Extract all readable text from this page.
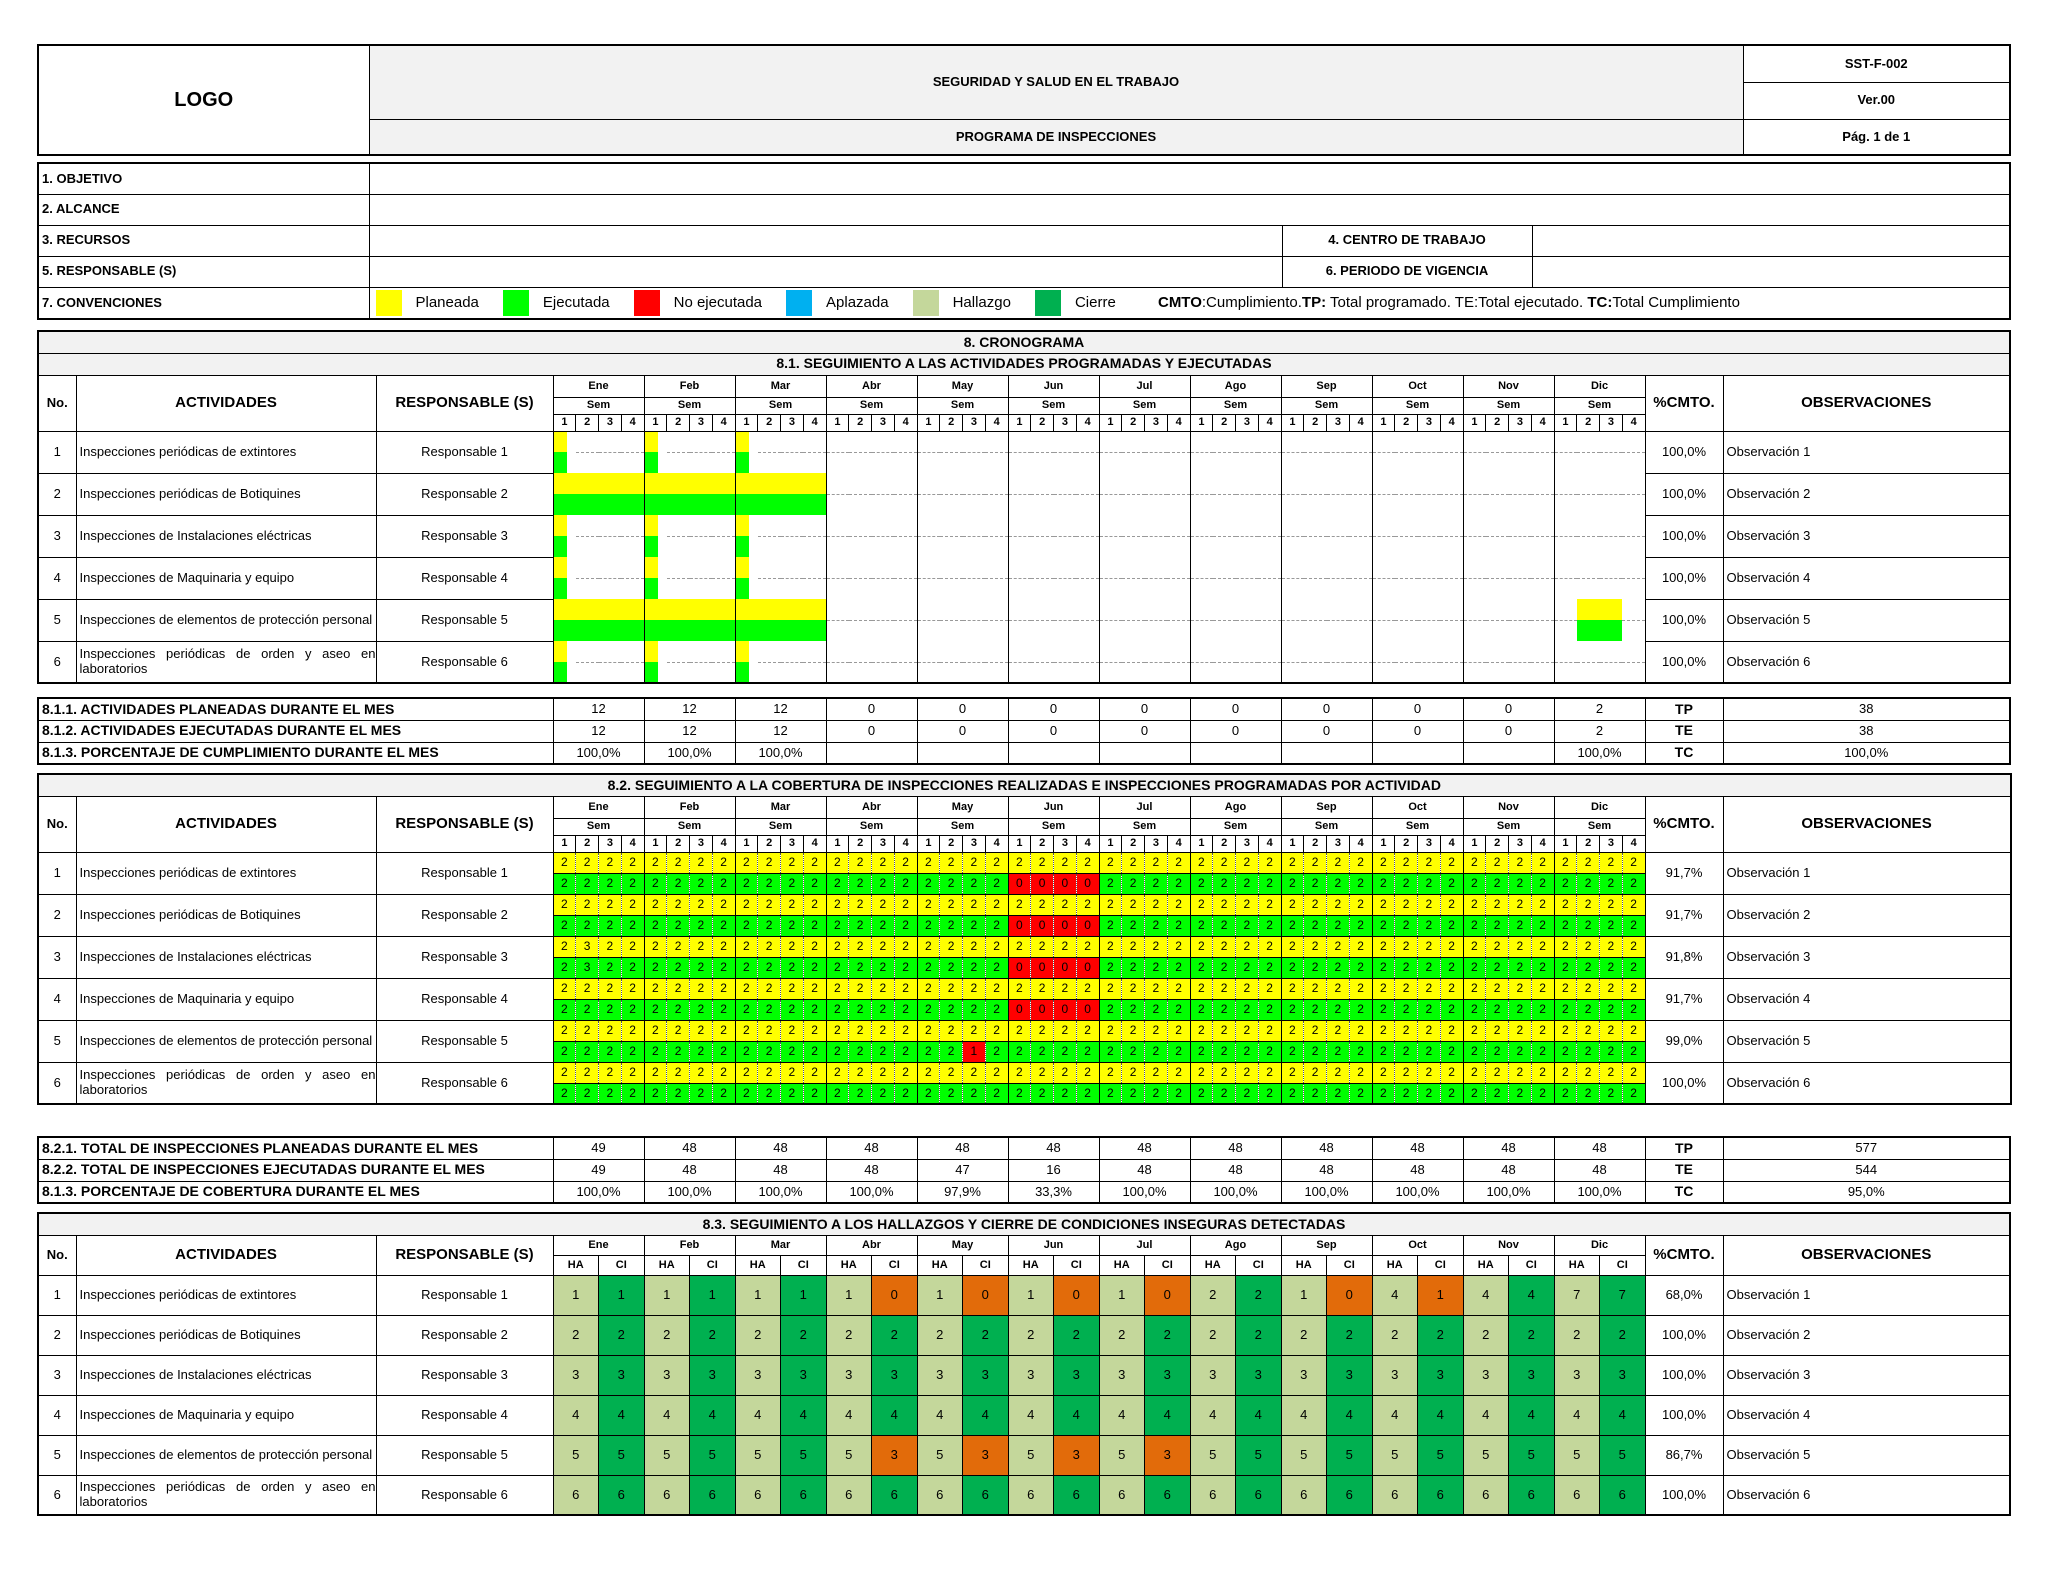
LOGO	SEGURIDAD Y SALUD EN EL TRABAJO	SST-F-002
		Ver.00
	PROGRAMA DE INSPECCIONES	Pág. 1 de 1
1. OBJETIVO			
2. ALCANCE			
3. RECURSOS		4. CENTRO DE TRABAJO	
5. RESPONSABLE (S)		6. PERIODO DE VIGENCIA	
7. CONVENCIONES	Planeada Ejecutada No ejecutada Aplazada Hallazgo Cierre CMTO:Cumplimiento.TP: Total programado. TE:Total ejecutado. TC:Total Cumplimiento		
8. CRONOGRAMA																																																				
8.1. SEGUIMIENTO A LAS ACTIVIDADES PROGRAMADAS Y EJECUTADAS																																																				
No.	ACTIVIDADES	RESPONSABLE (S)	Ene				Feb				Mar				Abr				May				Jun				Jul				Ago				Sep				Oct				Nov				Dic				%CMTO.	OBSERVACIONES
			Sem				Sem				Sem				Sem				Sem				Sem				Sem				Sem				Sem				Sem				Sem				Sem					
			1	2	3	4	1	2	3	4	1	2	3	4	1	2	3	4	1	2	3	4	1	2	3	4	1	2	3	4	1	2	3	4	1	2	3	4	1	2	3	4	1	2	3	4	1	2	3	4		
1	Inspecciones periódicas de extintores	Responsable 1																																																	100,0%	Observación 1
2	Inspecciones periódicas de Botiquines	Responsable 2																																																	100,0%	Observación 2
3	Inspecciones de Instalaciones eléctricas	Responsable 3																																																	100,0%	Observación 3
4	Inspecciones de Maquinaria y equipo	Responsable 4																																																	100,0%	Observación 4
5	Inspecciones de elementos de protección personal	Responsable 5																																																	100,0%	Observación 5
6	Inspecciones periódicas de orden y aseo en laboratorios	Responsable 6																																																	100,0%	Observación 6
8.1.1. ACTIVIDADES PLANEADAS DURANTE EL MES	12	12	12	0	0	0	0	0	0	0	0	2	TP	38
8.1.2. ACTIVIDADES EJECUTADAS DURANTE EL MES	12	12	12	0	0	0	0	0	0	0	0	2	TE	38
8.1.3. PORCENTAJE DE CUMPLIMIENTO DURANTE EL MES	100,0%	100,0%	100,0%									100,0%	TC	100,0%
8.2. SEGUIMIENTO A LA COBERTURA DE INSPECCIONES REALIZADAS E INSPECCIONES PROGRAMADAS POR ACTIVIDAD																																																				
No.	ACTIVIDADES	RESPONSABLE (S)	Ene				Feb				Mar				Abr				May				Jun				Jul				Ago				Sep				Oct				Nov				Dic				%CMTO.	OBSERVACIONES
			Sem				Sem				Sem				Sem				Sem				Sem				Sem				Sem				Sem				Sem				Sem				Sem					
			1	2	3	4	1	2	3	4	1	2	3	4	1	2	3	4	1	2	3	4	1	2	3	4	1	2	3	4	1	2	3	4	1	2	3	4	1	2	3	4	1	2	3	4	1	2	3	4		
1	Inspecciones periódicas de extintores	Responsable 1	2	2	2	2	2	2	2	2	2	2	2	2	2	2	2	2	2	2	2	2	2	2	2	2	2	2	2	2	2	2	2	2	2	2	2	2	2	2	2	2	2	2	2	2	2	2	2	2	91,7%	Observación 1
			2	2	2	2	2	2	2	2	2	2	2	2	2	2	2	2	2	2	2	2	0	0	0	0	2	2	2	2	2	2	2	2	2	2	2	2	2	2	2	2	2	2	2	2	2	2	2	2		
2	Inspecciones periódicas de Botiquines	Responsable 2	2	2	2	2	2	2	2	2	2	2	2	2	2	2	2	2	2	2	2	2	2	2	2	2	2	2	2	2	2	2	2	2	2	2	2	2	2	2	2	2	2	2	2	2	2	2	2	2	91,7%	Observación 2
			2	2	2	2	2	2	2	2	2	2	2	2	2	2	2	2	2	2	2	2	0	0	0	0	2	2	2	2	2	2	2	2	2	2	2	2	2	2	2	2	2	2	2	2	2	2	2	2		
3	Inspecciones de Instalaciones eléctricas	Responsable 3	2	3	2	2	2	2	2	2	2	2	2	2	2	2	2	2	2	2	2	2	2	2	2	2	2	2	2	2	2	2	2	2	2	2	2	2	2	2	2	2	2	2	2	2	2	2	2	2	91,8%	Observación 3
			2	3	2	2	2	2	2	2	2	2	2	2	2	2	2	2	2	2	2	2	0	0	0	0	2	2	2	2	2	2	2	2	2	2	2	2	2	2	2	2	2	2	2	2	2	2	2	2		
4	Inspecciones de Maquinaria y equipo	Responsable 4	2	2	2	2	2	2	2	2	2	2	2	2	2	2	2	2	2	2	2	2	2	2	2	2	2	2	2	2	2	2	2	2	2	2	2	2	2	2	2	2	2	2	2	2	2	2	2	2	91,7%	Observación 4
			2	2	2	2	2	2	2	2	2	2	2	2	2	2	2	2	2	2	2	2	0	0	0	0	2	2	2	2	2	2	2	2	2	2	2	2	2	2	2	2	2	2	2	2	2	2	2	2		
5	Inspecciones de elementos de protección personal	Responsable 5	2	2	2	2	2	2	2	2	2	2	2	2	2	2	2	2	2	2	2	2	2	2	2	2	2	2	2	2	2	2	2	2	2	2	2	2	2	2	2	2	2	2	2	2	2	2	2	2	99,0%	Observación 5
			2	2	2	2	2	2	2	2	2	2	2	2	2	2	2	2	2	2	1	2	2	2	2	2	2	2	2	2	2	2	2	2	2	2	2	2	2	2	2	2	2	2	2	2	2	2	2	2		
6	Inspecciones periódicas de orden y aseo en laboratorios	Responsable 6	2	2	2	2	2	2	2	2	2	2	2	2	2	2	2	2	2	2	2	2	2	2	2	2	2	2	2	2	2	2	2	2	2	2	2	2	2	2	2	2	2	2	2	2	2	2	2	2	100,0%	Observación 6
			2	2	2	2	2	2	2	2	2	2	2	2	2	2	2	2	2	2	2	2	2	2	2	2	2	2	2	2	2	2	2	2	2	2	2	2	2	2	2	2	2	2	2	2	2	2	2	2		
8.2.1. TOTAL DE INSPECCIONES PLANEADAS DURANTE EL MES	49	48	48	48	48	48	48	48	48	48	48	48	TP	577
8.2.2. TOTAL DE INSPECCIONES EJECUTADAS DURANTE EL MES	49	48	48	48	47	16	48	48	48	48	48	48	TE	544
8.1.3. PORCENTAJE DE COBERTURA DURANTE EL MES	100,0%	100,0%	100,0%	100,0%	97,9%	33,3%	100,0%	100,0%	100,0%	100,0%	100,0%	100,0%	TC	95,0%
8.3. SEGUIMIENTO A LOS HALLAZGOS Y CIERRE DE CONDICIONES INSEGURAS DETECTADAS																												
No.	ACTIVIDADES	RESPONSABLE (S)	Ene		Feb		Mar		Abr		May		Jun		Jul		Ago		Sep		Oct		Nov		Dic		%CMTO.	OBSERVACIONES
			HA	CI	HA	CI	HA	CI	HA	CI	HA	CI	HA	CI	HA	CI	HA	CI	HA	CI	HA	CI	HA	CI	HA	CI		
1	Inspecciones periódicas de extintores	Responsable 1	1	1	1	1	1	1	1	0	1	0	1	0	1	0	2	2	1	0	4	1	4	4	7	7	68,0%	Observación 1
2	Inspecciones periódicas de Botiquines	Responsable 2	2	2	2	2	2	2	2	2	2	2	2	2	2	2	2	2	2	2	2	2	2	2	2	2	100,0%	Observación 2
3	Inspecciones de Instalaciones eléctricas	Responsable 3	3	3	3	3	3	3	3	3	3	3	3	3	3	3	3	3	3	3	3	3	3	3	3	3	100,0%	Observación 3
4	Inspecciones de Maquinaria y equipo	Responsable 4	4	4	4	4	4	4	4	4	4	4	4	4	4	4	4	4	4	4	4	4	4	4	4	4	100,0%	Observación 4
5	Inspecciones de elementos de protección personal	Responsable 5	5	5	5	5	5	5	5	3	5	3	5	3	5	3	5	5	5	5	5	5	5	5	5	5	86,7%	Observación 5
6	Inspecciones periódicas de orden y aseo en laboratorios	Responsable 6	6	6	6	6	6	6	6	6	6	6	6	6	6	6	6	6	6	6	6	6	6	6	6	6	100,0%	Observación 6
